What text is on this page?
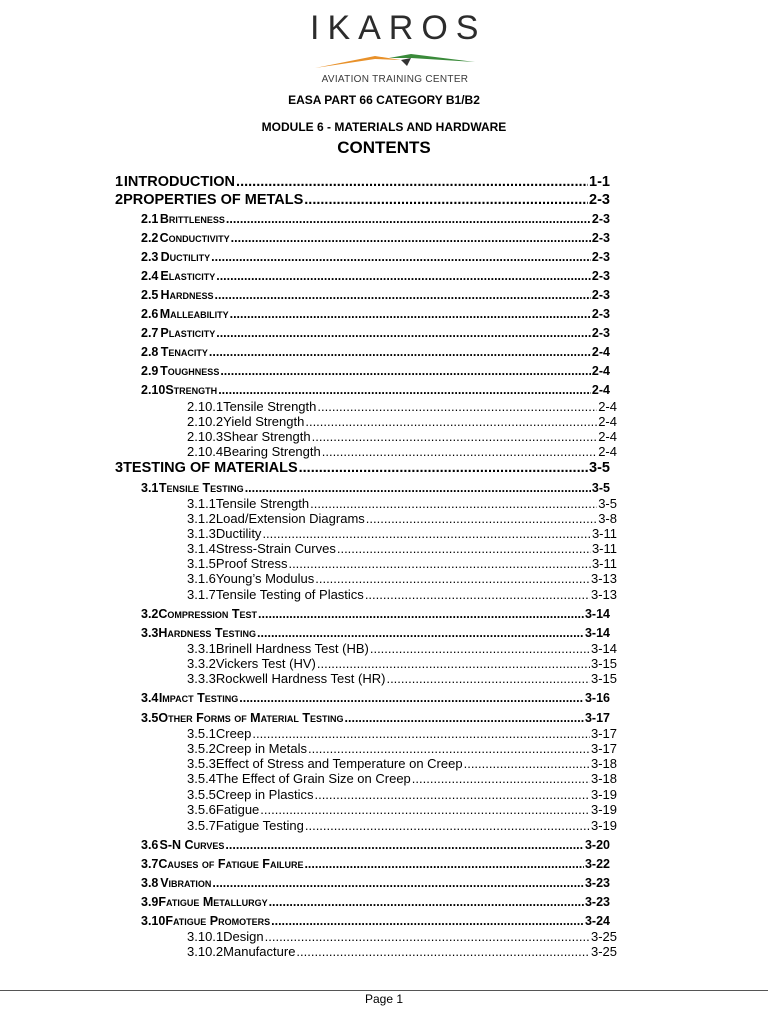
IKAROS
AVIATION TRAINING CENTER
EASA PART 66 CATEGORY B1/B2
MODULE 6 - MATERIALS AND HARDWARE
CONTENTS
1 INTRODUCTION .....	1-1
2 PROPERTIES OF METALS .....	2-3
2.1 Brittleness .....	2-3
2.2 Conductivity .....	2-3
2.3 Ductility .....	2-3
2.4 Elasticity .....	2-3
2.5 Hardness .....	2-3
2.6 Malleability .....	2-3
2.7 Plasticity .....	2-3
2.8 Tenacity .....	2-4
2.9 Toughness .....	2-4
2.10 Strength .....	2-4
2.10.1 Tensile Strength .....	2-4
2.10.2 Yield Strength .....	2-4
2.10.3 Shear Strength .....	2-4
2.10.4 Bearing Strength .....	2-4
3 TESTING OF MATERIALS .....	3-5
3.1 Tensile Testing .....	3-5
3.1.1 Tensile Strength .....	3-5
3.1.2 Load/Extension Diagrams .....	3-8
3.1.3 Ductility .....	3-11
3.1.4 Stress-Strain Curves .....	3-11
3.1.5 Proof Stress .....	3-11
3.1.6 Young’s Modulus .....	3-13
3.1.7 Tensile Testing of Plastics .....	3-13
3.2 Compression Test .....	3-14
3.3 Hardness Testing .....	3-14
3.3.1 Brinell Hardness Test (HB) .....	3-14
3.3.2 Vickers Test (HV) .....	3-15
3.3.3 Rockwell Hardness Test (HR) .....	3-15
3.4 Impact Testing .....	3-16
3.5 Other Forms of Material Testing .....	3-17
3.5.1 Creep .....	3-17
3.5.2 Creep in Metals .....	3-17
3.5.3 Effect of Stress and Temperature on Creep .....	3-18
3.5.4 The Effect of Grain Size on Creep .....	3-18
3.5.5 Creep in Plastics .....	3-19
3.5.6 Fatigue .....	3-19
3.5.7 Fatigue Testing .....	3-19
3.6 S-N Curves .....	3-20
3.7 Causes of Fatigue Failure .....	3-22
3.8 Vibration .....	3-23
3.9 Fatigue Metallurgy .....	3-23
3.10 Fatigue Promoters .....	3-24
3.10.1 Design .....	3-25
3.10.2 Manufacture .....	3-25
Page 1
